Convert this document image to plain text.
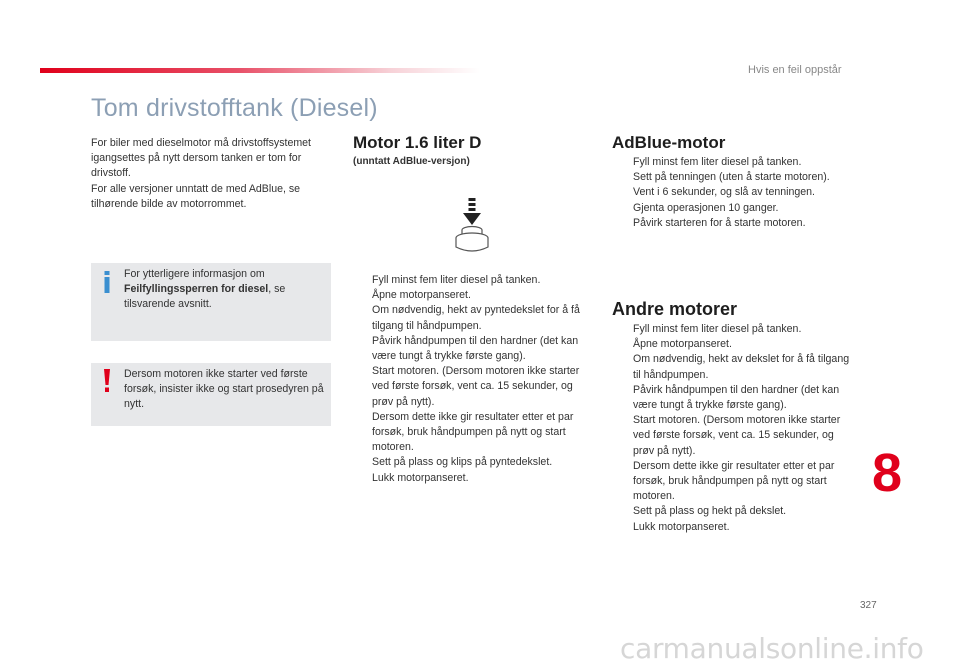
Hvis en feil oppstår
Tom drivstofftank (Diesel)

For biler med dieselmotor må drivstoffsystemet igangsettes på nytt dersom tanken er tom for drivstoff.

For alle versjoner unntatt de med AdBlue, se tilhørende bilde av motorrommet.

For ytterligere informasjon om Feilfyllingssperren for diesel, se tilsvarende avsnitt.
Dersom motoren ikke starter ved første forsøk, insister ikke og start prosedyren på nytt.
Motor 1.6 liter D
(unntatt AdBlue-versjon)
Fyll minst fem liter diesel på tanken.
Åpne motorpanseret.
Om nødvendig, hekt av pyntedekslet for å få tilgang til håndpumpen.
Påvirk håndpumpen til den hardner (det kan være tungt å trykke første gang).
Start motoren. (Dersom motoren ikke starter ved første forsøk, vent ca. 15 sekunder, og prøv på nytt).
Dersom dette ikke gir resultater etter et par forsøk, bruk håndpumpen på nytt og start motoren.
Sett på plass og klips på pyntedekslet.
Lukk motorpanseret.
AdBlue-motor
Fyll minst fem liter diesel på tanken.
Sett på tenningen (uten å starte motoren).
Vent i 6 sekunder, og slå av tenningen.
Gjenta operasjonen 10 ganger.
Påvirk starteren for å starte motoren.
Andre motorer
Fyll minst fem liter diesel på tanken.
Åpne motorpanseret.
Om nødvendig, hekt av dekslet for å få tilgang til håndpumpen.
Påvirk håndpumpen til den hardner (det kan være tungt å trykke første gang).
Start motoren. (Dersom motoren ikke starter ved første forsøk, vent ca. 15 sekunder, og prøv på nytt).
Dersom dette ikke gir resultater etter et par forsøk, bruk håndpumpen på nytt og start motoren.
Sett på plass og hekt på dekslet.
Lukk motorpanseret.
8
327
carmanualsonline.info
